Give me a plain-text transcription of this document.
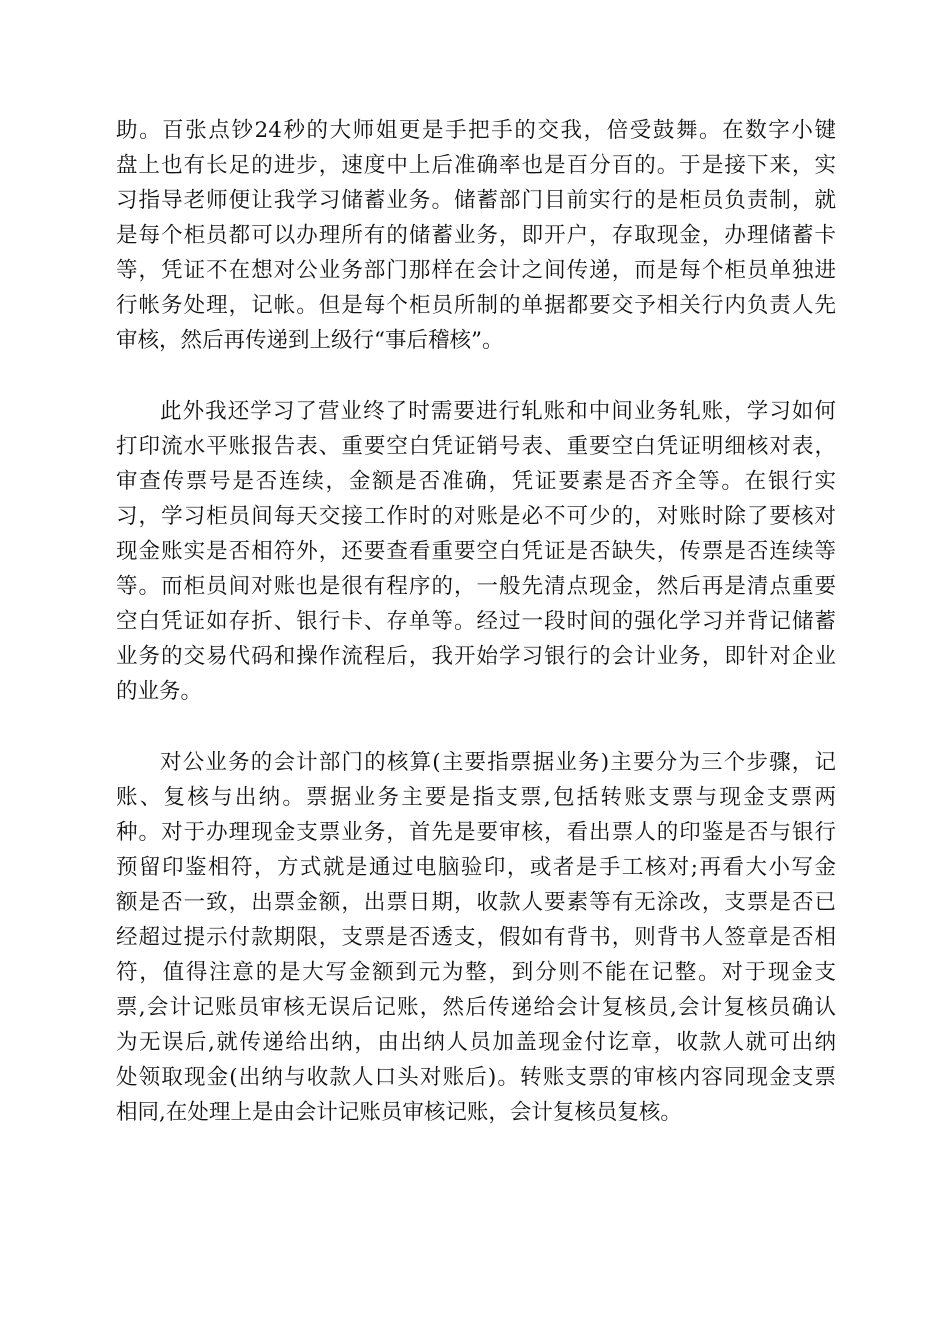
助。百张点钞24秒的大师姐更是手把手的交我，倍受鼓舞。在数字小键
盘上也有长足的进步，速度中上后准确率也是百分百的。于是接下来，实
习指导老师便让我学习储蓄业务。储蓄部门目前实行的是柜员负责制，就
是每个柜员都可以办理所有的储蓄业务，即开户，存取现金，办理储蓄卡
等，凭证不在想对公业务部门那样在会计之间传递，而是每个柜员单独进
行帐务处理，记帐。但是每个柜员所制的单据都要交予相关行内负责人先
审核，然后再传递到上级行“事后稽核”。
此外我还学习了营业终了时需要进行轧账和中间业务轧账，学习如何
打印流水平账报告表、重要空白凭证销号表、重要空白凭证明细核对表，
审查传票号是否连续，金额是否准确，凭证要素是否齐全等。在银行实
习，学习柜员间每天交接工作时的对账是必不可少的，对账时除了要核对
现金账实是否相符外，还要查看重要空白凭证是否缺失，传票是否连续等
等。而柜员间对账也是很有程序的，一般先清点现金，然后再是清点重要
空白凭证如存折、银行卡、存单等。经过一段时间的强化学习并背记储蓄
业务的交易代码和操作流程后，我开始学习银行的会计业务，即针对企业
的业务。
对公业务的会计部门的核算(主要指票据业务)主要分为三个步骤，记
账、复核与出纳。票据业务主要是指支票,包括转账支票与现金支票两
种。对于办理现金支票业务，首先是要审核，看出票人的印鉴是否与银行
预留印鉴相符，方式就是通过电脑验印，或者是手工核对;再看大小写金
额是否一致，出票金额，出票日期，收款人要素等有无涂改，支票是否已
经超过提示付款期限，支票是否透支，假如有背书，则背书人签章是否相
符，值得注意的是大写金额到元为整，到分则不能在记整。对于现金支
票,会计记账员审核无误后记账，然后传递给会计复核员,会计复核员确认
为无误后,就传递给出纳，由出纳人员加盖现金付讫章，收款人就可出纳
处领取现金(出纳与收款人口头对账后)。转账支票的审核内容同现金支票
相同,在处理上是由会计记账员审核记账，会计复核员复核。
